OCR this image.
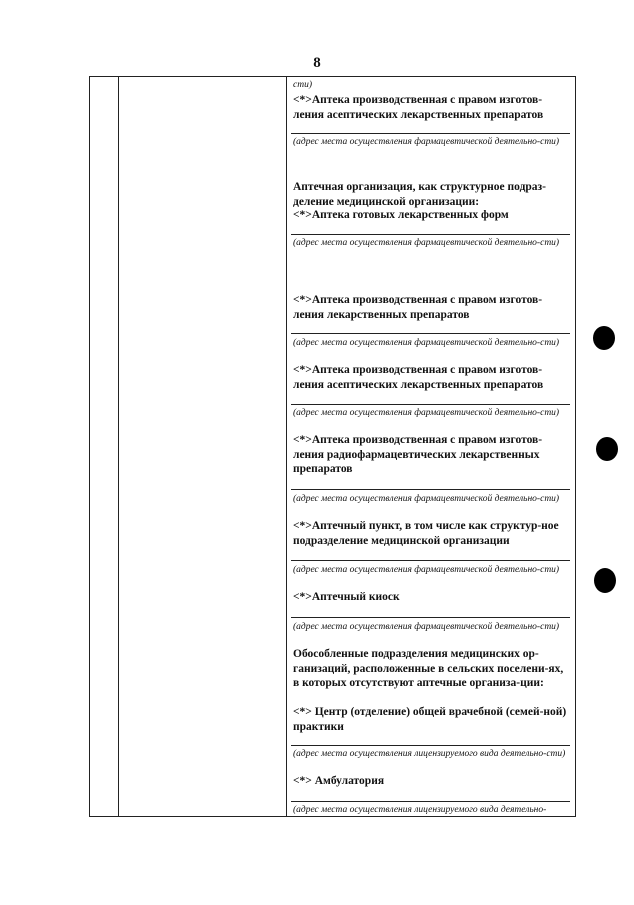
8
сти)
<*>Аптека производственная с правом изготов-ления асептических лекарственных препаратов
(адрес места осуществления фармацевтической деятельно-сти)
Аптечная организация, как структурное подраз-деление медицинской организации:
<*>Аптека готовых лекарственных форм
(адрес места осуществления фармацевтической деятельно-сти)
<*>Аптека производственная с правом изготов-ления лекарственных препаратов
(адрес места осуществления фармацевтической деятельно-сти)
<*>Аптека производственная с правом изготов-ления асептических лекарственных препаратов
(адрес места осуществления фармацевтической деятельно-сти)
<*>Аптека производственная с правом изготов-ления радиофармацевтических лекарственных препаратов
(адрес места осуществления фармацевтической деятельно-сти)
<*>Аптечный пункт, в том числе как структур-ное подразделение медицинской организации
(адрес места осуществления фармацевтической деятельно-сти)
<*>Аптечный киоск
(адрес места осуществления фармацевтической деятельно-сти)
Обособленные подразделения медицинских ор-ганизаций, расположенные в сельских поселени-ях, в которых отсутствуют аптечные организа-ции:
<*> Центр (отделение) общей врачебной (семей-ной) практики
(адрес места осуществления лицензируемого вида деятельно-сти)
<*> Амбулатория
(адрес места осуществления лицензируемого вида деятельно-
